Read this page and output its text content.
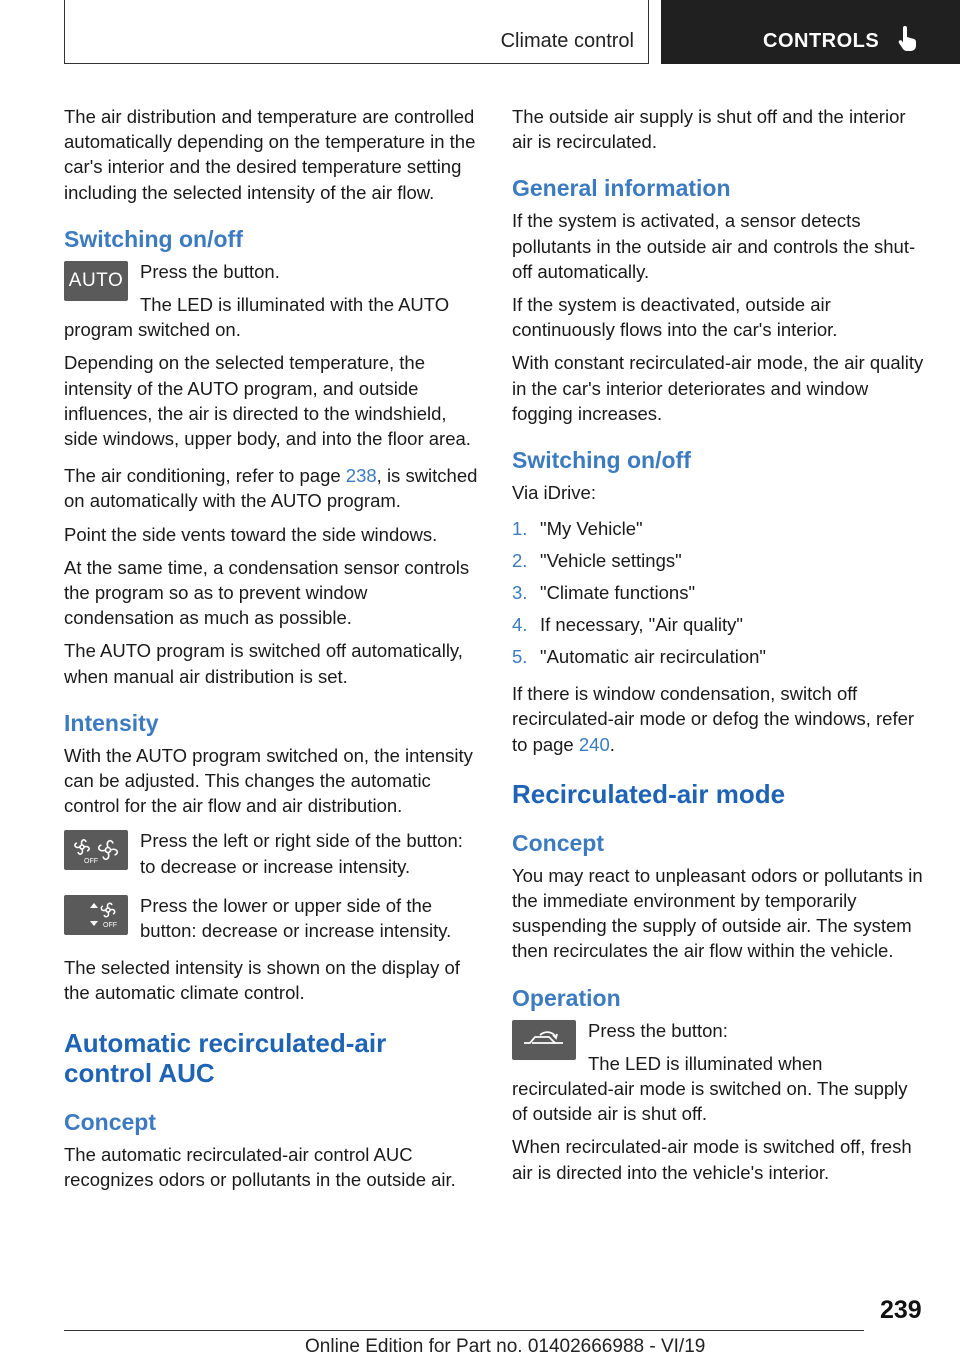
Climate control	CONTROLS

The air distribution and temperature are controlled automatically depending on the temperature in the car's interior and the desired temperature setting including the selected intensity of the air flow.

Switching on/off
AUTO Press the button.

The LED is illuminated with the AUTO program switched on.

Depending on the selected temperature, the intensity of the AUTO program, and outside influences, the air is directed to the windshield, side windows, upper body, and into the floor area.

The air conditioning, refer to page 238, is switched on automatically with the AUTO program.

Point the side vents toward the side windows.

At the same time, a condensation sensor controls the program so as to prevent window condensation as much as possible.

The AUTO program is switched off automatically, when manual air distribution is set.

Intensity

With the AUTO program switched on, the intensity can be adjusted. This changes the automatic control for the air flow and air distribution.

OFF

Press the left or right side of the button: to decrease or increase intensity.

OFF

Press the lower or upper side of the button: decrease or increase intensity.

The selected intensity is shown on the display of the automatic climate control.

Automatic recirculated-air control AUC
Concept

The automatic recirculated-air control AUC recognizes odors or pollutants in the outside air.

The outside air supply is shut off and the interior air is recirculated.

General information

If the system is activated, a sensor detects pollutants in the outside air and controls the shut-off automatically.

If the system is deactivated, outside air continuously flows into the car's interior.

With constant recirculated-air mode, the air quality in the car's interior deteriorates and window fogging increases.

Switching on/off

Via iDrive:

1. "My Vehicle"
2. "Vehicle settings"
3. "Climate functions"
4. If necessary, "Air quality"
5. "Automatic air recirculation"

If there is window condensation, switch off recirculated-air mode or defog the windows, refer to page 240.

Recirculated-air mode
Concept

You may react to unpleasant odors or pollutants in the immediate environment by temporarily suspending the supply of outside air. The system then recirculates the air flow within the vehicle.

Operation

Press the button:

The LED is illuminated when recirculated-air mode is switched on. The supply of outside air is shut off.

When recirculated-air mode is switched off, fresh air is directed into the vehicle's interior.

239
Online Edition for Part no. 01402666988 - VI/19
